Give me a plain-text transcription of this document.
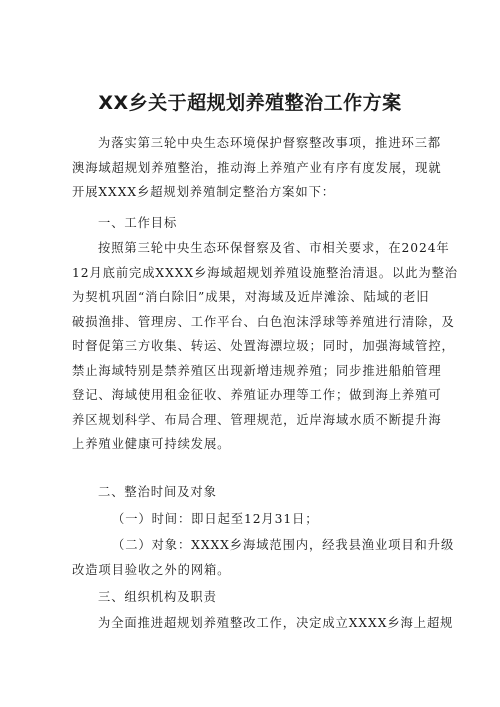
XX乡关于超规划养殖整治工作方案
为落实第三轮中央生态环境保护督察整改事项，推进环三都
澳海域超规划养殖整治，推动海上养殖产业有序有度发展，现就
开展XXXX乡超规划养殖制定整治方案如下：
一、工作目标
按照第三轮中央生态环保督察及省、市相关要求，在2024年
12月底前完成XXXX乡海域超规划养殖设施整治清退。以此为整治
为契机巩固“消白除旧”成果，对海域及近岸滩涂、陆域的老旧
破损渔排、管理房、工作平台、白色泡沫浮球等养殖进行清除，及
时督促第三方收集、转运、处置海漂垃圾；同时，加强海域管控，
禁止海域特别是禁养殖区出现新增违规养殖；同步推进船舶管理
登记、海域使用租金征收、养殖证办理等工作；做到海上养殖可
养区规划科学、布局合理、管理规范，近岸海域水质不断提升海
上养殖业健康可持续发展。
二、整治时间及对象
（一）时间：即日起至12月31日；
（二）对象：XXXX乡海域范围内，经我县渔业项目和升级
改造项目验收之外的网箱。
三、组织机构及职责
为全面推进超规划养殖整改工作，决定成立XXXX乡海上超规
